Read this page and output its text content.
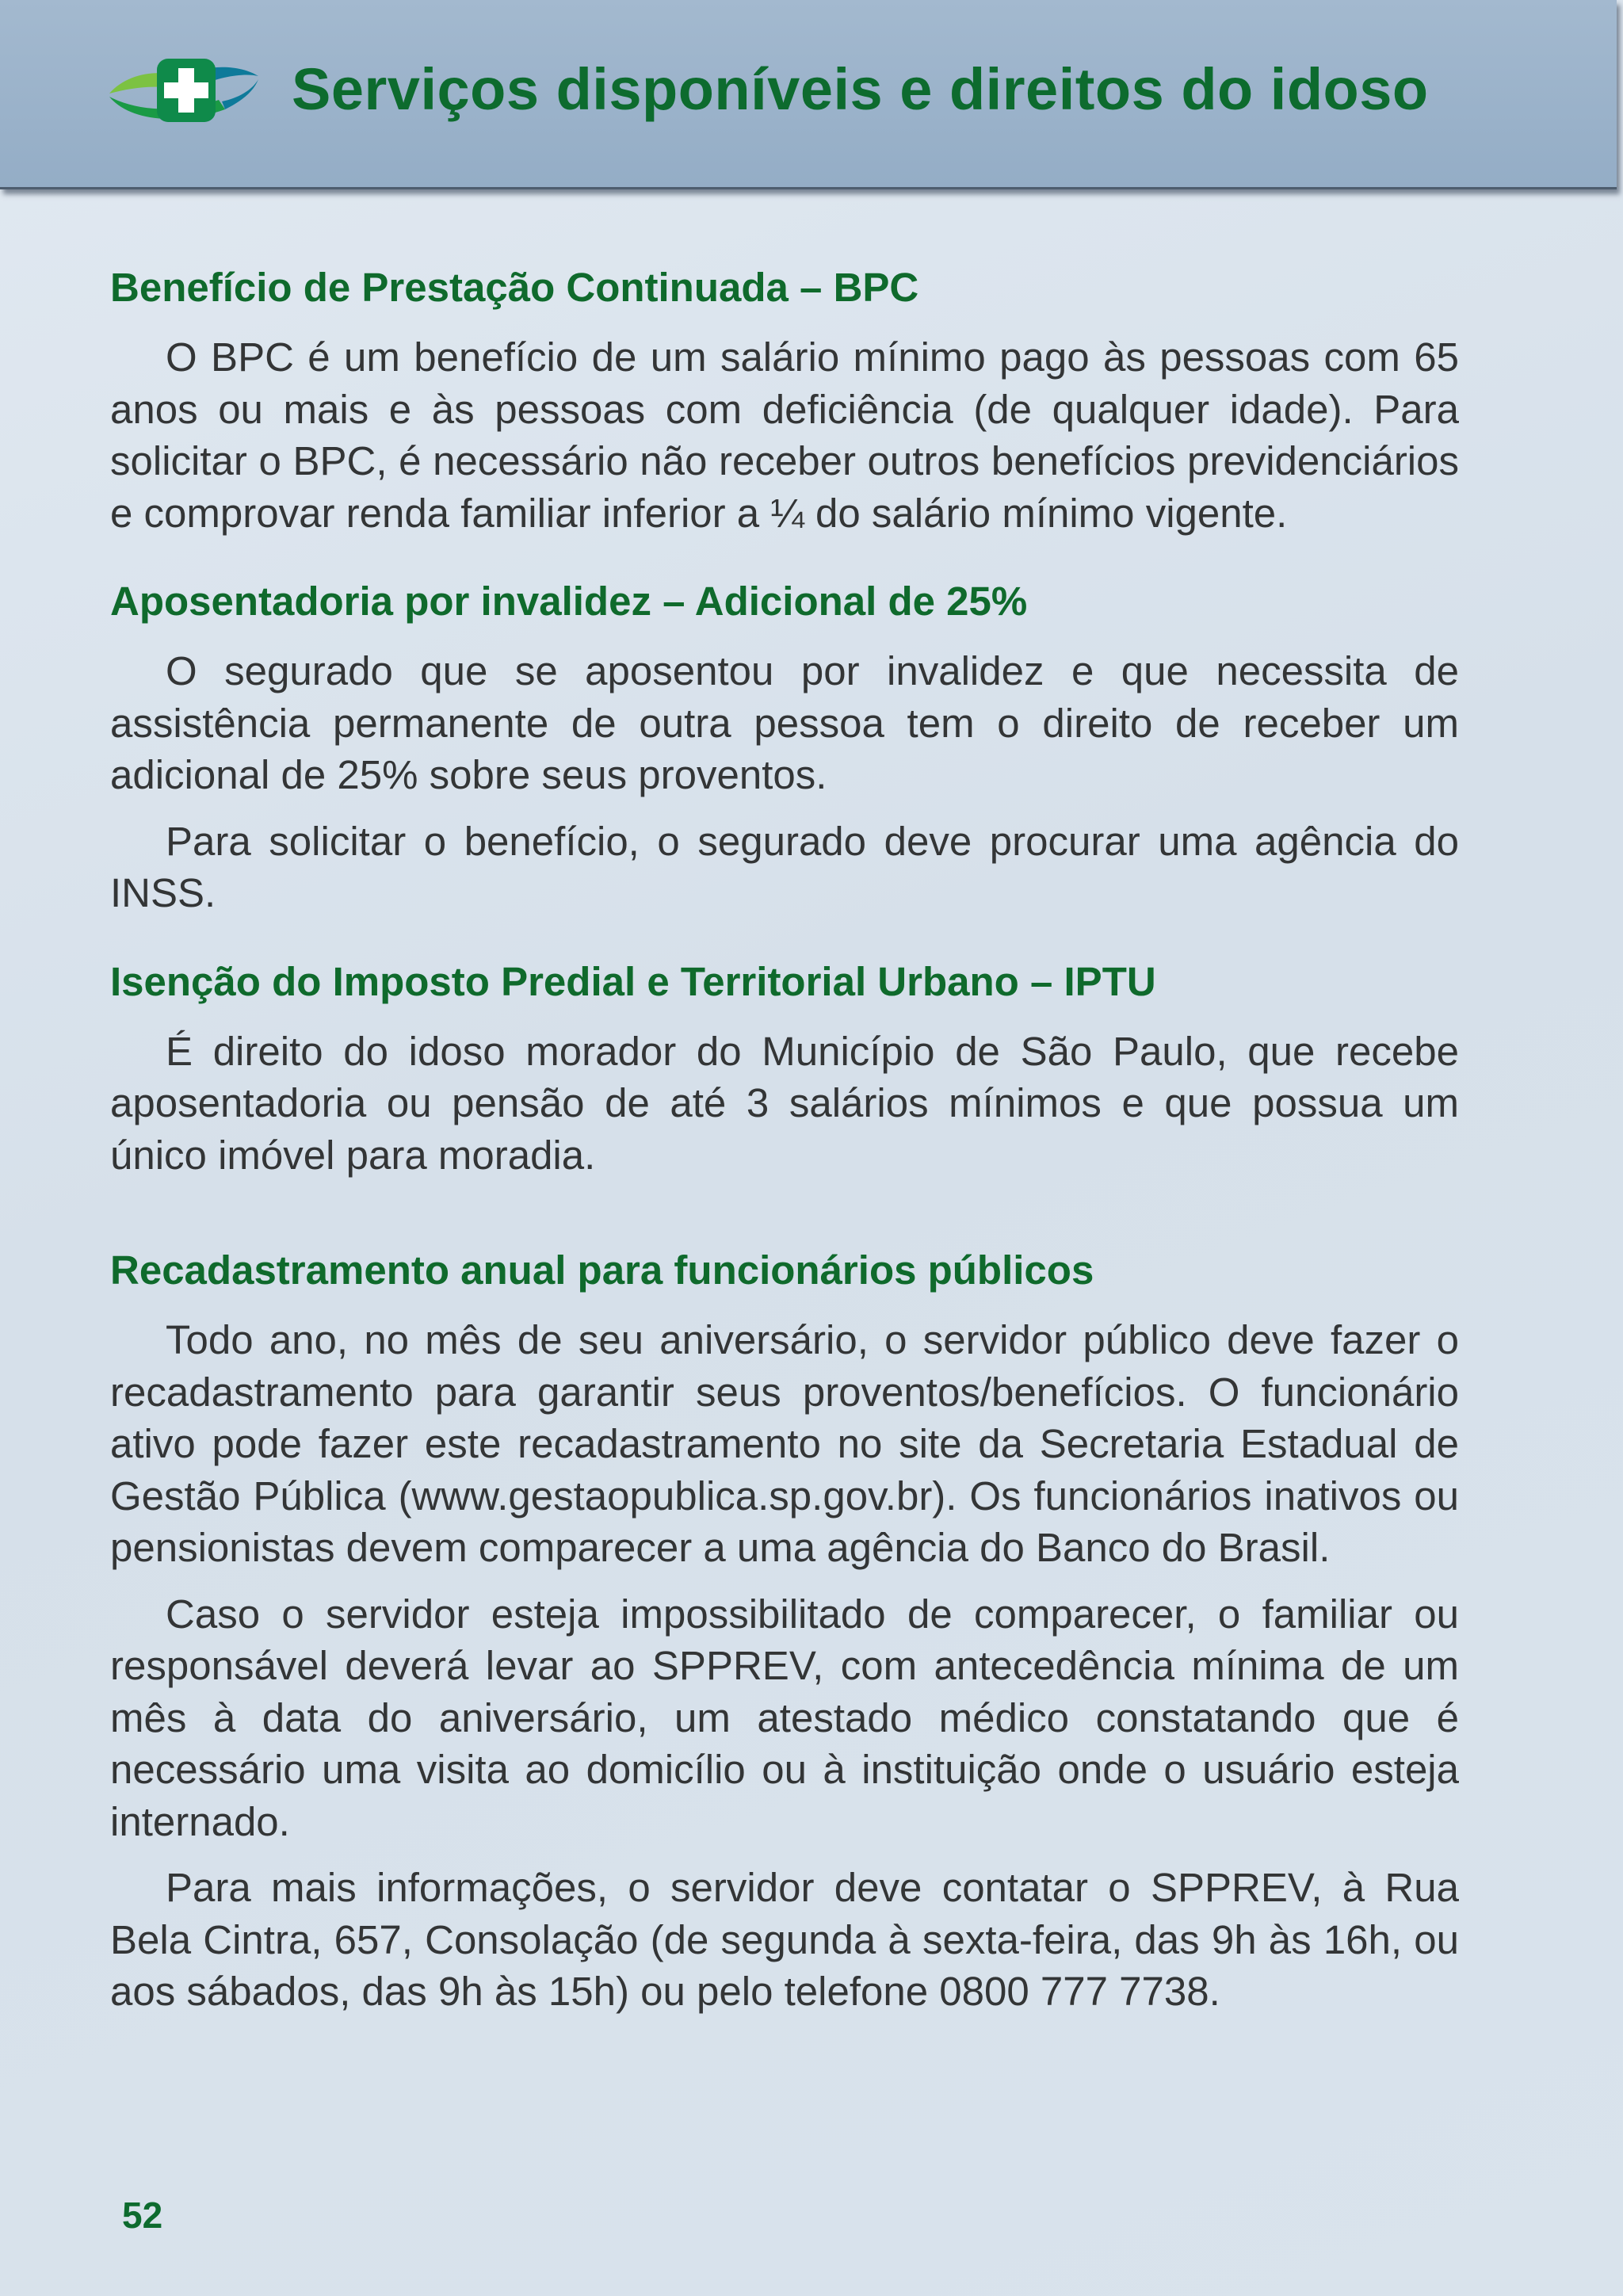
Serviços disponíveis e direitos do idoso
Benefício de Prestação Continuada – BPC

O BPC é um benefício de um salário mínimo pago às pessoas com 65 anos ou mais e às pessoas com deficiência (de qualquer idade). Para solicitar o BPC, é necessário não receber outros benefícios previdenciários e comprovar renda familiar inferior a ¼ do salário mínimo vigente.

Aposentadoria por invalidez – Adicional de 25%

O segurado que se aposentou por invalidez e que necessita de assistência permanente de outra pessoa tem o direito de receber um adicional de 25% sobre seus proventos.

Para solicitar o benefício, o segurado deve procurar uma agência do INSS.

Isenção do Imposto Predial e Territorial Urbano – IPTU

É direito do idoso morador do Município de São Paulo, que recebe aposentadoria ou pensão de até 3 salários mínimos e que possua um único imóvel para moradia.

Recadastramento anual para funcionários públicos

Todo ano, no mês de seu aniversário, o servidor público deve fazer o recadastramento para garantir seus proventos/benefícios. O funcionário ativo pode fazer este recadastramento no site da Secretaria Estadual de Gestão Pública (www.gestaopublica.sp.gov.br). Os funcionários inativos ou pensionistas devem comparecer a uma agência do Banco do Brasil.

Caso o servidor esteja impossibilitado de comparecer, o familiar ou responsável deverá levar ao SPPREV, com antecedência mínima de um mês à data do aniversário, um atestado médico constatando que é necessário uma visita ao domicílio ou à instituição onde o usuário esteja internado.

Para mais informações, o servidor deve contatar o SPPREV, à Rua Bela Cintra, 657, Consolação (de segunda à sexta-feira, das 9h às 16h, ou aos sábados, das 9h às 15h) ou pelo telefone 0800 777 7738.

52
